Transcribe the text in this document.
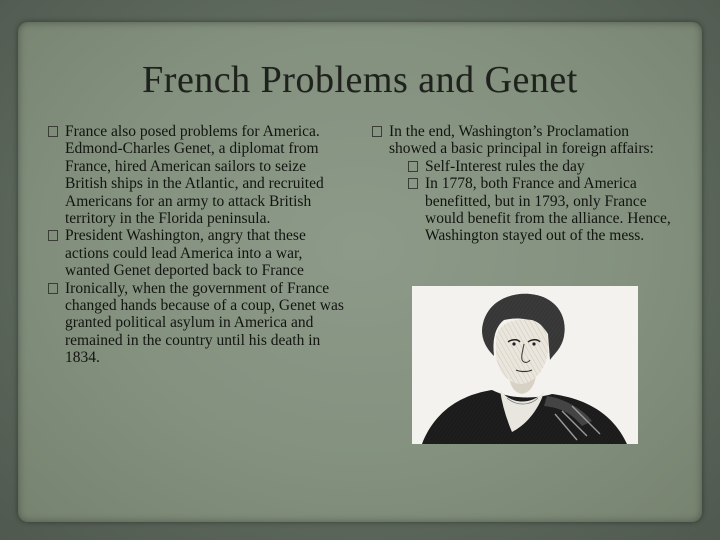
French Problems and Genet
France also posed problems for America. Edmond-Charles Genet, a diplomat from France, hired American sailors to seize British ships in the Atlantic, and recruited Americans for an army to attack British territory in the Florida peninsula.
President Washington, angry that these actions could lead America into a war, wanted Genet deported back to France
Ironically, when the government of France changed hands because of a coup, Genet was granted political asylum in America and remained in the country until his death in 1834.
In the end, Washington’s Proclamation showed a basic principal in foreign affairs:
Self-Interest rules the day
In 1778, both France and America benefitted, but in 1793, only France would benefit from the alliance. Hence, Washington stayed out of the mess.
